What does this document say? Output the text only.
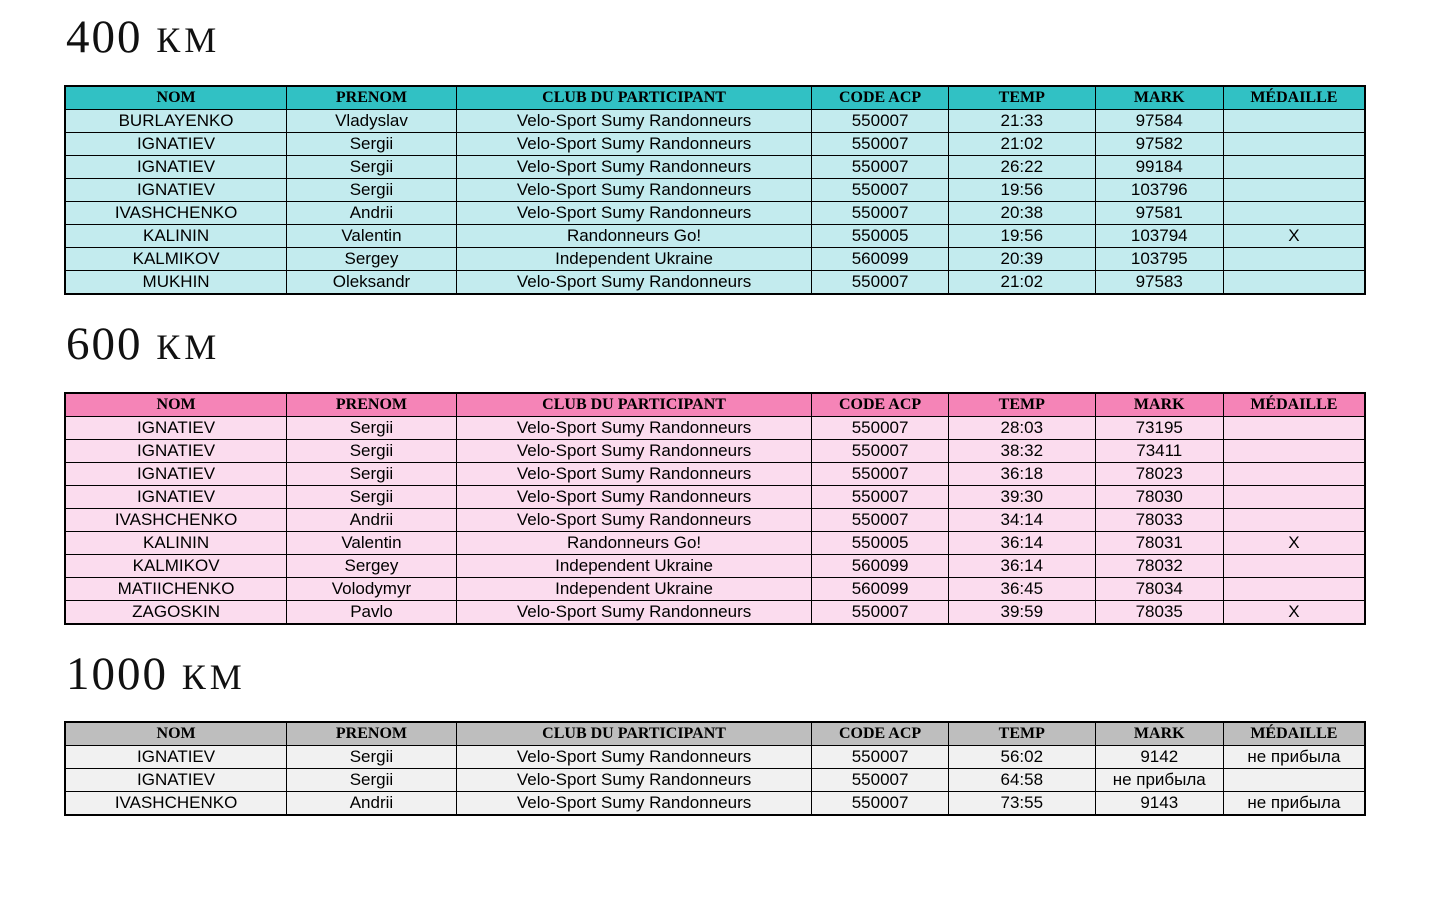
400 КМ
NOM	PRENOM	CLUB DU PARTICIPANT	CODE ACP	TEMP	MARK	MÉDAILLE
BURLAYENKO	Vladyslav	Velo-Sport Sumy Randonneurs	550007	21:33	97584	
IGNATIEV	Sergii	Velo-Sport Sumy Randonneurs	550007	21:02	97582	
IGNATIEV	Sergii	Velo-Sport Sumy Randonneurs	550007	26:22	99184	
IGNATIEV	Sergii	Velo-Sport Sumy Randonneurs	550007	19:56	103796	
IVASHCHENKO	Andrii	Velo-Sport Sumy Randonneurs	550007	20:38	97581	
KALININ	Valentin	Randonneurs Go!	550005	19:56	103794	X
KALMIKOV	Sergey	Independent Ukraine	560099	20:39	103795	
MUKHIN	Oleksandr	Velo-Sport Sumy Randonneurs	550007	21:02	97583	
600 КМ
NOM	PRENOM	CLUB DU PARTICIPANT	CODE ACP	TEMP	MARK	MÉDAILLE
IGNATIEV	Sergii	Velo-Sport Sumy Randonneurs	550007	28:03	73195	
IGNATIEV	Sergii	Velo-Sport Sumy Randonneurs	550007	38:32	73411	
IGNATIEV	Sergii	Velo-Sport Sumy Randonneurs	550007	36:18	78023	
IGNATIEV	Sergii	Velo-Sport Sumy Randonneurs	550007	39:30	78030	
IVASHCHENKO	Andrii	Velo-Sport Sumy Randonneurs	550007	34:14	78033	
KALININ	Valentin	Randonneurs Go!	550005	36:14	78031	X
KALMIKOV	Sergey	Independent Ukraine	560099	36:14	78032	
MATIICHENKO	Volodymyr	Independent Ukraine	560099	36:45	78034	
ZAGOSKIN	Pavlo	Velo-Sport Sumy Randonneurs	550007	39:59	78035	X
1000 КМ
NOM	PRENOM	CLUB DU PARTICIPANT	CODE ACP	TEMP	MARK	MÉDAILLE
IGNATIEV	Sergii	Velo-Sport Sumy Randonneurs	550007	56:02	9142	не прибыла
IGNATIEV	Sergii	Velo-Sport Sumy Randonneurs	550007	64:58	не прибыла	
IVASHCHENKO	Andrii	Velo-Sport Sumy Randonneurs	550007	73:55	9143	не прибыла
